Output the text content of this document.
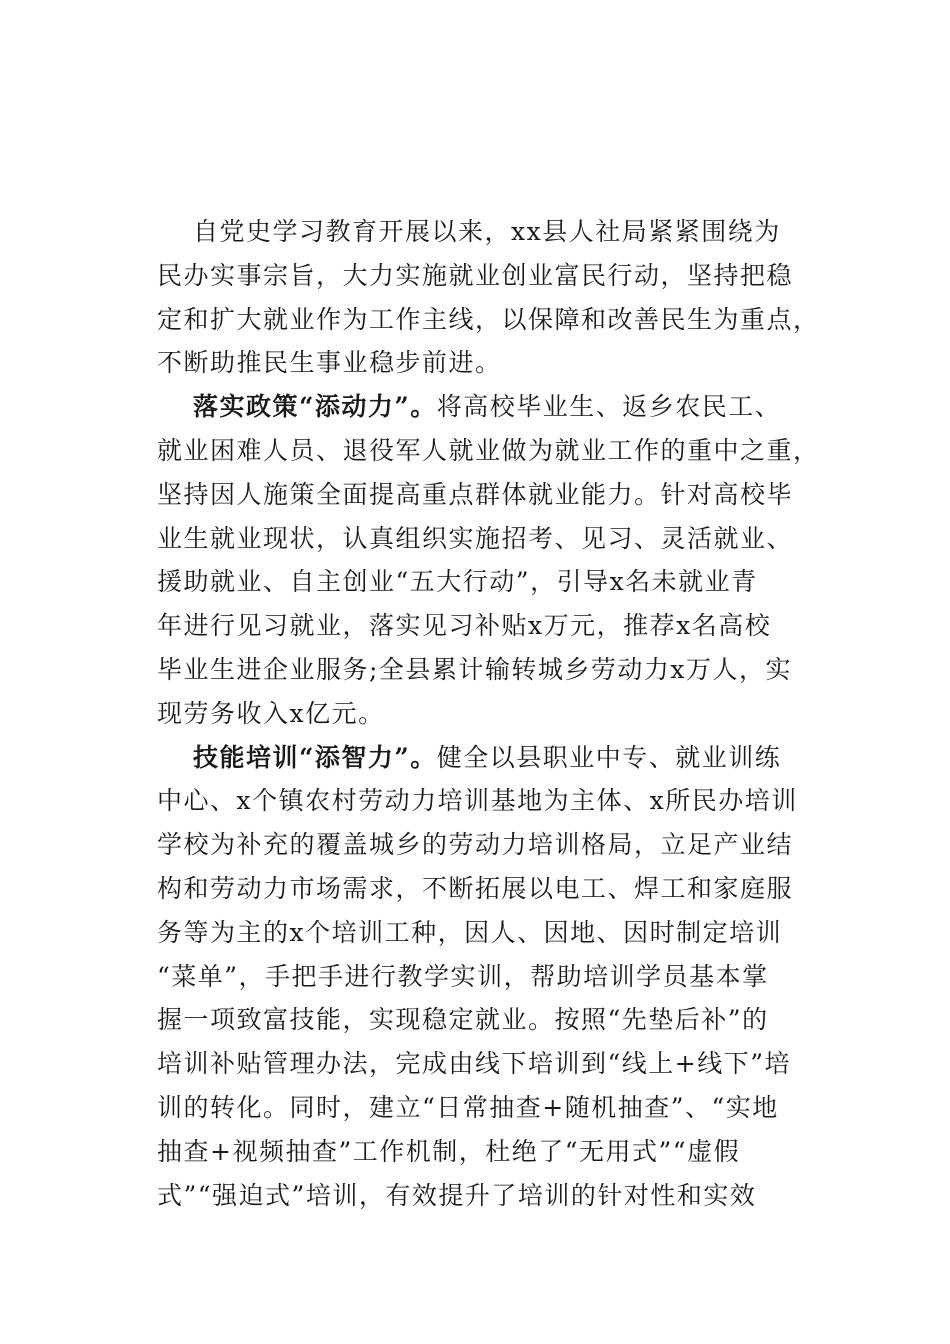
自党史学习教育开展以来，xx县人社局紧紧围绕为
民办实事宗旨，大力实施就业创业富民行动，坚持把稳
定和扩大就业作为工作主线，以保障和改善民生为重点，
不断助推民生事业稳步前进。

落实政策“添动力”。将高校毕业生、返乡农民工、
就业困难人员、退役军人就业做为就业工作的重中之重，
坚持因人施策全面提高重点群体就业能力。针对高校毕
业生就业现状，认真组织实施招考、见习、灵活就业、
援助就业、自主创业“五大行动”，引导x名未就业青
年进行见习就业，落实见习补贴x万元，推荐x名高校
毕业生进企业服务;全县累计输转城乡劳动力x万人，实
现劳务收入x亿元。

技能培训“添智力”。健全以县职业中专、就业训练
中心、x个镇农村劳动力培训基地为主体、x所民办培训
学校为补充的覆盖城乡的劳动力培训格局，立足产业结
构和劳动力市场需求，不断拓展以电工、焊工和家庭服
务等为主的x个培训工种，因人、因地、因时制定培训
“菜单”，手把手进行教学实训，帮助培训学员基本掌
握一项致富技能，实现稳定就业。按照“先垫后补”的
培训补贴管理办法，完成由线下培训到“线上+线下”培
训的转化。同时，建立“日常抽查+随机抽查”、“实地
抽查+视频抽查”工作机制，杜绝了“无用式”“虚假
式”“强迫式”培训，有效提升了培训的针对性和实效
